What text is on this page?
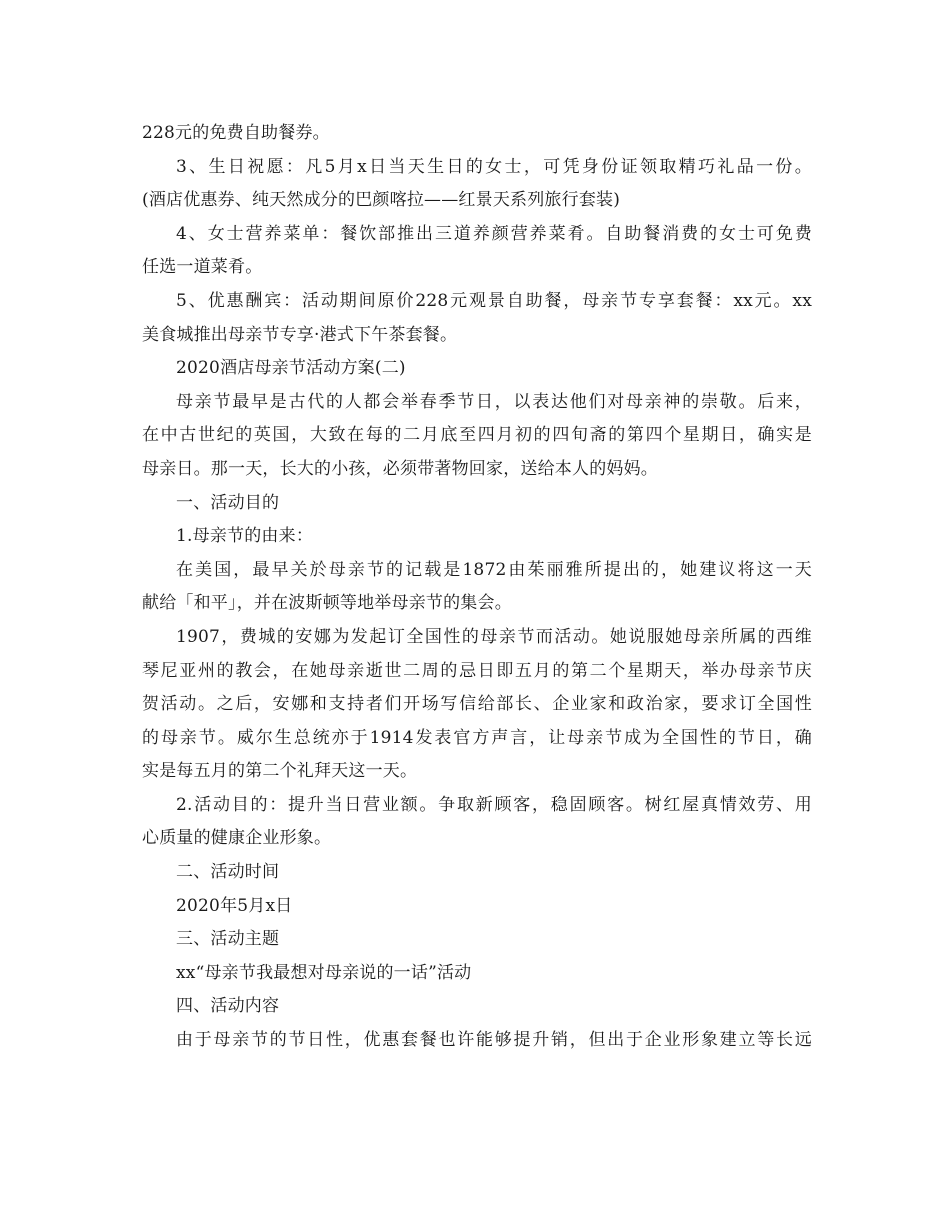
228元的免费自助餐券。
3、生日祝愿：凡5月x日当天生日的女士，可凭身份证领取精巧礼品一份。
(酒店优惠券、纯天然成分的巴颜喀拉——红景天系列旅行套装)
4、女士营养菜单：餐饮部推出三道养颜营养菜肴。自助餐消费的女士可免费
任选一道菜肴。
5、优惠酬宾：活动期间原价228元观景自助餐，母亲节专享套餐：xx元。xx
美食城推出母亲节专享·港式下午茶套餐。
2020酒店母亲节活动方案(二)
母亲节最早是古代的人都会举春季节日，以表达他们对母亲神的崇敬。后来，
在中古世纪的英国，大致在每的二月底至四月初的四旬斋的第四个星期日，确实是
母亲日。那一天，长大的小孩，必须带著物回家，送给本人的妈妈。
一、活动目的
1.母亲节的由来：
在美国，最早关於母亲节的记载是1872由茱丽雅所提出的，她建议将这一天
献给「和平」，并在波斯顿等地举母亲节的集会。
1907，费城的安娜为发起订全国性的母亲节而活动。她说服她母亲所属的西维
琴尼亚州的教会，在她母亲逝世二周的忌日即五月的第二个星期天，举办母亲节庆
贺活动。之后，安娜和支持者们开场写信给部长、企业家和政治家，要求订全国性
的母亲节。威尔生总统亦于1914发表官方声言，让母亲节成为全国性的节日，确
实是每五月的第二个礼拜天这一天。
2.活动目的：提升当日营业额。争取新顾客，稳固顾客。树红屋真情效劳、用
心质量的健康企业形象。
二、活动时间
2020年5月x日
三、活动主题
xx“母亲节我最想对母亲说的一话”活动
四、活动内容
由于母亲节的节日性，优惠套餐也许能够提升销，但出于企业形象建立等长远
